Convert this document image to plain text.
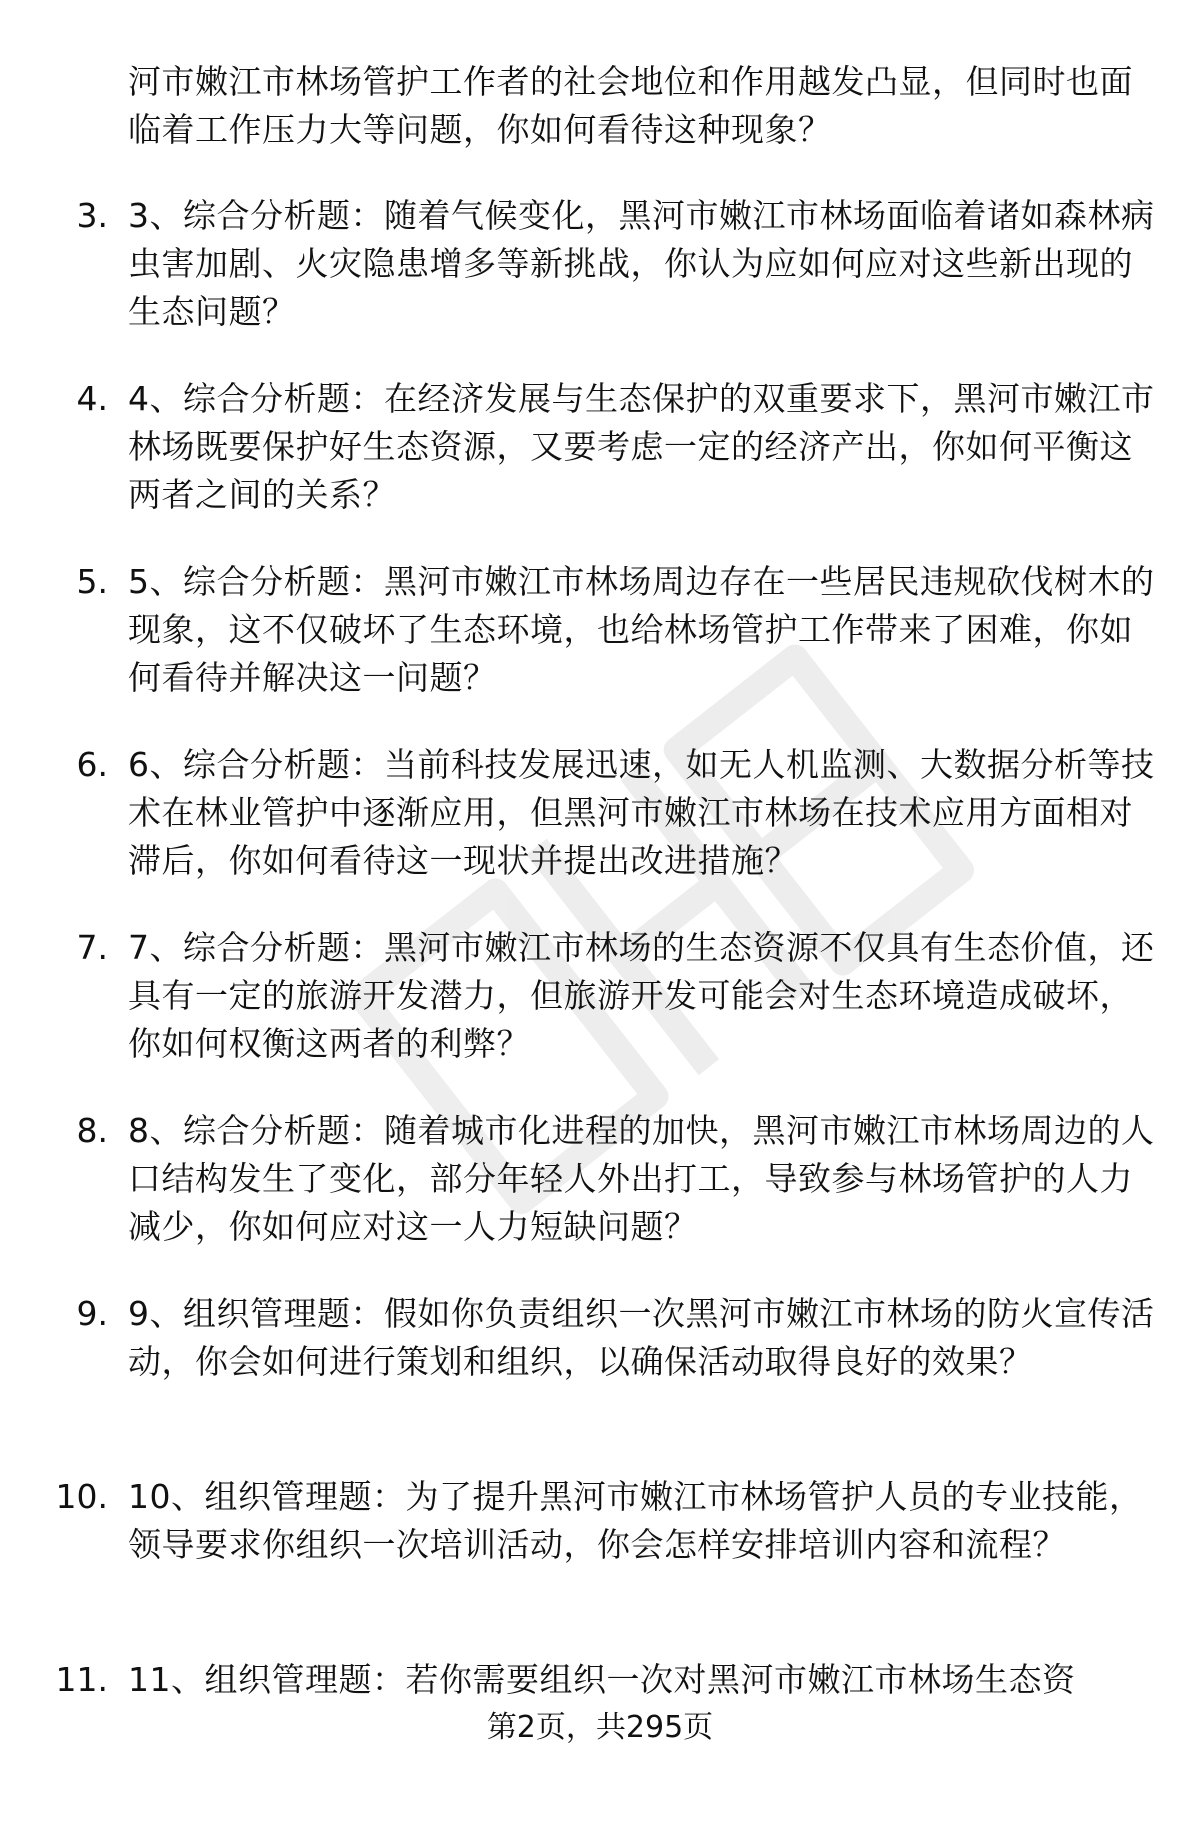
河市嫩江市林场管护工作者的社会地位和作用越发凸显，但同时也面临着工作压力大等问题，你如何看待这种现象？
3. 3、综合分析题：随着气候变化，黑河市嫩江市林场面临着诸如森林病虫害加剧、火灾隐患增多等新挑战，你认为应如何应对这些新出现的生态问题？
4. 4、综合分析题：在经济发展与生态保护的双重要求下，黑河市嫩江市林场既要保护好生态资源，又要考虑一定的经济产出，你如何平衡这两者之间的关系？
5. 5、综合分析题：黑河市嫩江市林场周边存在一些居民违规砍伐树木的现象，这不仅破坏了生态环境，也给林场管护工作带来了困难，你如何看待并解决这一问题？
6. 6、综合分析题：当前科技发展迅速，如无人机监测、大数据分析等技术在林业管护中逐渐应用，但黑河市嫩江市林场在技术应用方面相对滞后，你如何看待这一现状并提出改进措施？
7. 7、综合分析题：黑河市嫩江市林场的生态资源不仅具有生态价值，还具有一定的旅游开发潜力，但旅游开发可能会对生态环境造成破坏，你如何权衡这两者的利弊？
8. 8、综合分析题：随着城市化进程的加快，黑河市嫩江市林场周边的人口结构发生了变化，部分年轻人外出打工，导致参与林场管护的人力减少，你如何应对这一人力短缺问题？
9. 9、组织管理题：假如你负责组织一次黑河市嫩江市林场的防火宣传活动，你会如何进行策划和组织，以确保活动取得良好的效果？
10. 10、组织管理题：为了提升黑河市嫩江市林场管护人员的专业技能，领导要求你组织一次培训活动，你会怎样安排培训内容和流程？
11. 11、组织管理题：若你需要组织一次对黑河市嫩江市林场生态资
第2页，共295页
